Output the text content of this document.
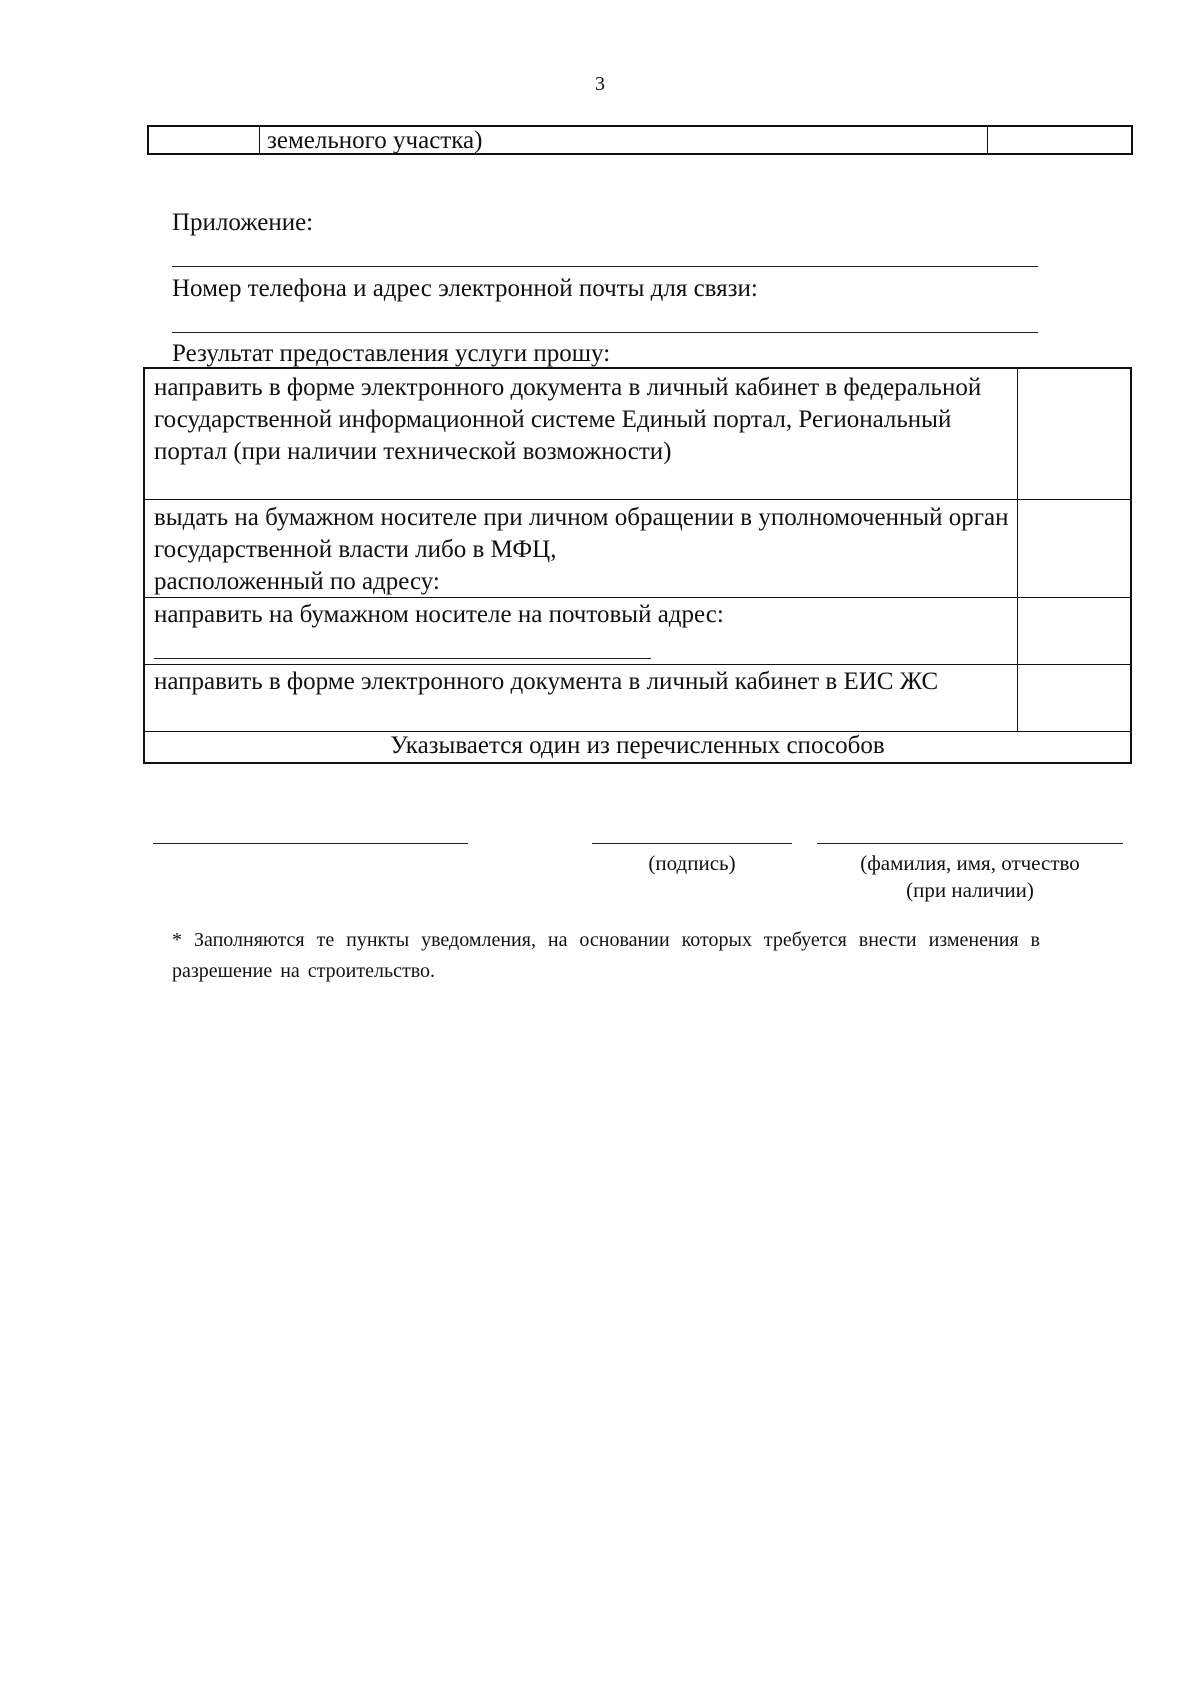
3
земельного участка)
Приложение:
Номер телефона и адрес электронной почты для связи:
Результат предоставления услуги прошу:
направить в форме электронного документа в личный кабинет в федеральной государственной информационной системе Единый портал, Региональный портал (при наличии технической возможности)
выдать на бумажном носителе при личном обращении в уполномоченный орган государственной власти либо в МФЦ,
расположенный по адресу:
направить на бумажном носителе на почтовый адрес:
направить в форме электронного документа в личный кабинет в ЕИС ЖС
Указывается один из перечисленных способов
(подпись)	(фамилия, имя, отчество
(при наличии)
* Заполняются те пункты уведомления, на основании которых требуется внести изменения в разрешение на строительство.
